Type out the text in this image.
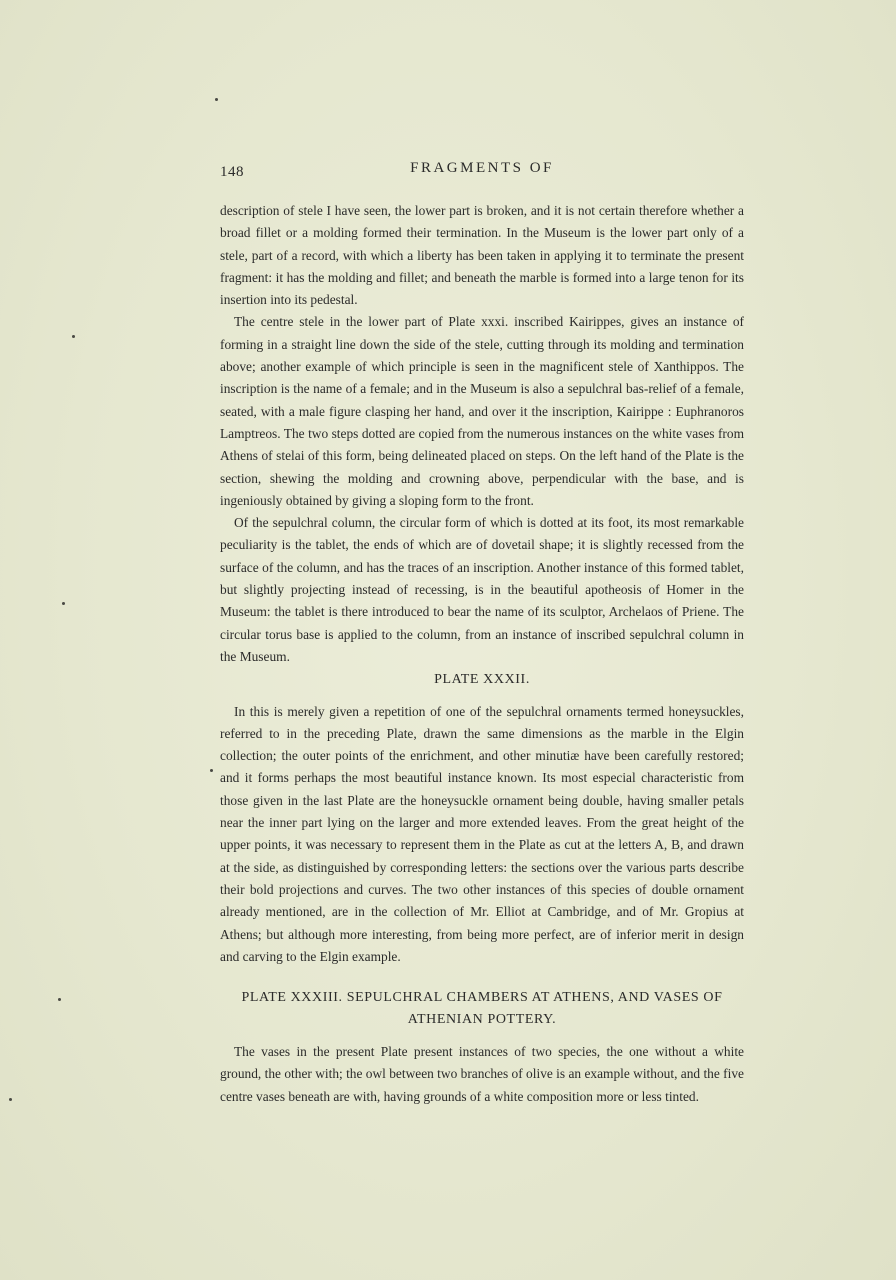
148	FRAGMENTS OF

description of stele I have seen, the lower part is broken, and it is not certain therefore whether a broad fillet or a molding formed their termination. In the Museum is the lower part only of a stele, part of a record, with which a liberty has been taken in applying it to terminate the present fragment: it has the molding and fillet; and beneath the marble is formed into a large tenon for its insertion into its pedestal.

The centre stele in the lower part of Plate xxxi. inscribed Kairippes, gives an instance of forming in a straight line down the side of the stele, cutting through its molding and termination above; another example of which principle is seen in the magnificent stele of Xanthippos. The inscription is the name of a female; and in the Museum is also a sepulchral bas-relief of a female, seated, with a male figure clasping her hand, and over it the inscription, Kairippe : Euphranoros Lamptreos. The two steps dotted are copied from the numerous instances on the white vases from Athens of stelai of this form, being delineated placed on steps. On the left hand of the Plate is the section, shewing the molding and crowning above, perpendicular with the base, and is ingeniously obtained by giving a sloping form to the front.

Of the sepulchral column, the circular form of which is dotted at its foot, its most remarkable peculiarity is the tablet, the ends of which are of dovetail shape; it is slightly recessed from the surface of the column, and has the traces of an inscription. Another instance of this formed tablet, but slightly projecting instead of recessing, is in the beautiful apotheosis of Homer in the Museum: the tablet is there introduced to bear the name of its sculptor, Archelaos of Priene. The circular torus base is applied to the column, from an instance of inscribed sepulchral column in the Museum.

PLATE XXXII.

In this is merely given a repetition of one of the sepulchral ornaments termed honeysuckles, referred to in the preceding Plate, drawn the same dimensions as the marble in the Elgin collection; the outer points of the enrichment, and other minutiæ have been carefully restored; and it forms perhaps the most beautiful instance known. Its most especial characteristic from those given in the last Plate are the honeysuckle ornament being double, having smaller petals near the inner part lying on the larger and more extended leaves. From the great height of the upper points, it was necessary to represent them in the Plate as cut at the letters A, B, and drawn at the side, as distinguished by corresponding letters: the sections over the various parts describe their bold projections and curves. The two other instances of this species of double ornament already mentioned, are in the collection of Mr. Elliot at Cambridge, and of Mr. Gropius at Athens; but although more interesting, from being more perfect, are of inferior merit in design and carving to the Elgin example.

PLATE XXXIII. SEPULCHRAL CHAMBERS AT ATHENS, AND VASES OF
ATHENIAN POTTERY.

The vases in the present Plate present instances of two species, the one without a white ground, the other with; the owl between two branches of olive is an example without, and the five centre vases beneath are with, having grounds of a white composition more or less tinted.
